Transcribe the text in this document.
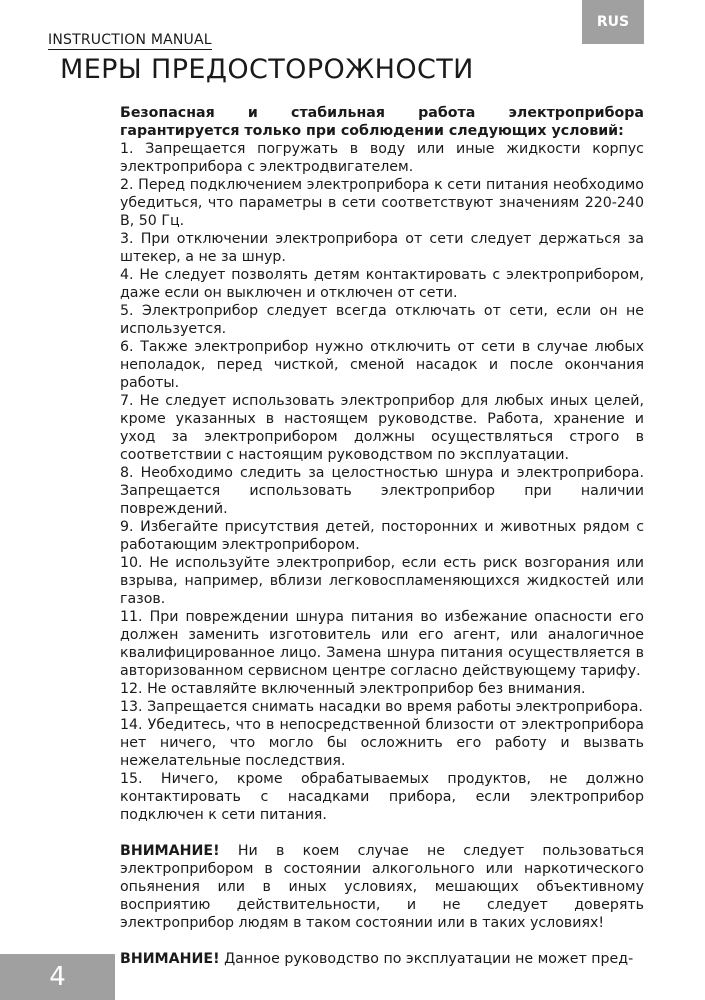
RUS
INSTRUCTION MANUAL
МЕРЫ ПРЕДОСТОРОЖНОСТИ

Безопасная и стабильная работа электроприбора гарантируется только при соблюдении следующих условий:

1. Запрещается погружать в воду или иные жидкости корпус электроприбора с электродвигателем.

2. Перед подключением электроприбора к сети питания необходимо убедиться, что параметры в сети соответствуют значениям 220-240 В, 50 Гц.

3. При отключении электроприбора от сети следует держаться за штекер, а не за шнур.

4. Не следует позволять детям контактировать с электроприбором, даже если он выключен и отключен от сети.

5. Электроприбор следует всегда отключать от сети, если он не используется.

6. Также электроприбор нужно отключить от сети в случае любых неполадок, перед чисткой, сменой насадок и после окончания работы.

7. Не следует использовать электроприбор для любых иных целей, кроме указанных в настоящем руководстве. Работа, хранение и уход за электроприбором должны осуществляться строго в соответствии с настоящим руководством по эксплуатации.

8. Необходимо следить за целостностью шнура и электроприбора. Запрещается использовать электроприбор при наличии повреждений.

9. Избегайте присутствия детей, посторонних и животных рядом с работающим электроприбором.

10. Не используйте электроприбор, если есть риск возгорания или взрыва, например, вблизи легковоспламеняющихся жидкостей или газов.

11. При повреждении шнура питания во избежание опасности его должен заменить изготовитель или его агент, или аналогичное квалифицированное лицо. Замена шнура питания осуществляется в авторизованном сервисном центре согласно действующему тарифу.

12. Не оставляйте включенный электроприбор без внимания.

13. Запрещается снимать насадки во время работы электроприбора.

14. Убедитесь, что в непосредственной близости от электроприбора нет ничего, что могло бы осложнить его работу и вызвать нежелательные последствия.

15. Ничего, кроме обрабатываемых продуктов, не должно контактировать с насадками прибора, если электроприбор подключен к сети питания.

ВНИМАНИЕ! Ни в коем случае не следует пользоваться электроприбором в состоянии алкогольного или наркотического опьянения или в иных условиях, мешающих объективному восприятию действительности, и не следует доверять электроприбор людям в таком состоянии или в таких условиях!

ВНИМАНИЕ! Данное руководство по эксплуатации не может пред-

4
